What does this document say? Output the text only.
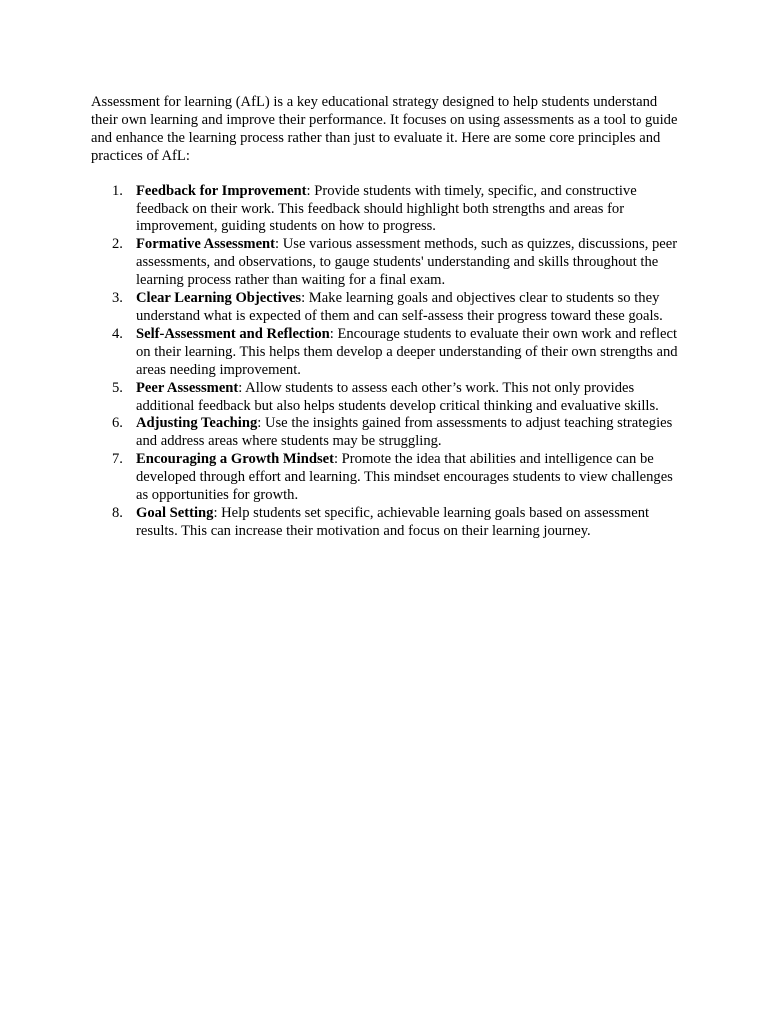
Assessment for learning (AfL) is a key educational strategy designed to help students understand their own learning and improve their performance. It focuses on using assessments as a tool to guide and enhance the learning process rather than just to evaluate it. Here are some core principles and practices of AfL:

1. Feedback for Improvement: Provide students with timely, specific, and constructive feedback on their work. This feedback should highlight both strengths and areas for improvement, guiding students on how to progress.
2. Formative Assessment: Use various assessment methods, such as quizzes, discussions, peer assessments, and observations, to gauge students' understanding and skills throughout the learning process rather than waiting for a final exam.
3. Clear Learning Objectives: Make learning goals and objectives clear to students so they understand what is expected of them and can self-assess their progress toward these goals.
4. Self-Assessment and Reflection: Encourage students to evaluate their own work and reflect on their learning. This helps them develop a deeper understanding of their own strengths and areas needing improvement.
5. Peer Assessment: Allow students to assess each other’s work. This not only provides additional feedback but also helps students develop critical thinking and evaluative skills.
6. Adjusting Teaching: Use the insights gained from assessments to adjust teaching strategies and address areas where students may be struggling.
7. Encouraging a Growth Mindset: Promote the idea that abilities and intelligence can be developed through effort and learning. This mindset encourages students to view challenges as opportunities for growth.
8. Goal Setting: Help students set specific, achievable learning goals based on assessment results. This can increase their motivation and focus on their learning journey.
